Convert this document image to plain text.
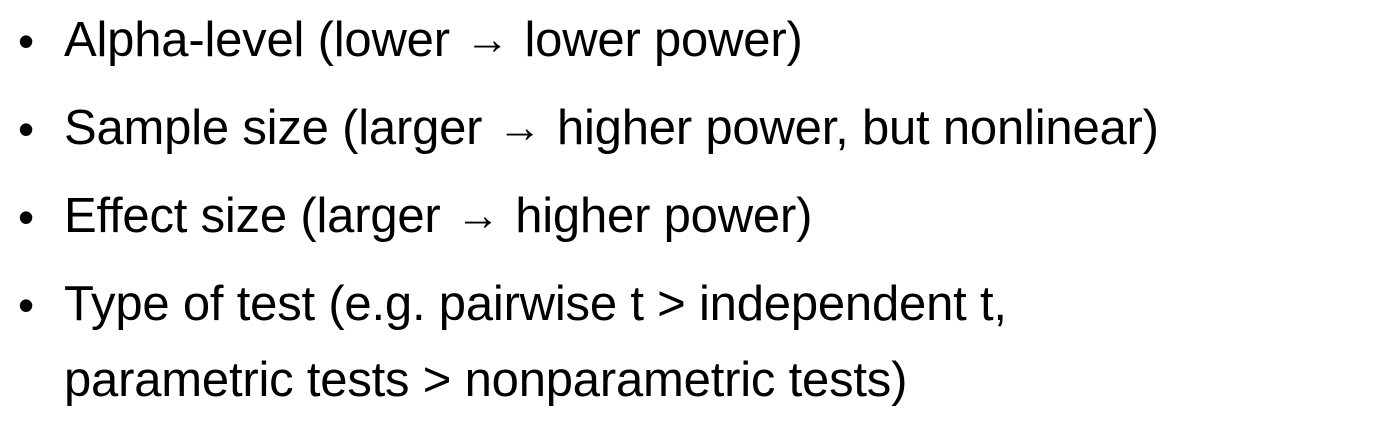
• Alpha-level (lower → lower power)
• Sample size (larger → higher power, but nonlinear)
• Effect size (larger → higher power)
• Type of test (e.g. pairwise t > independent t,
parametric tests > nonparametric tests)
